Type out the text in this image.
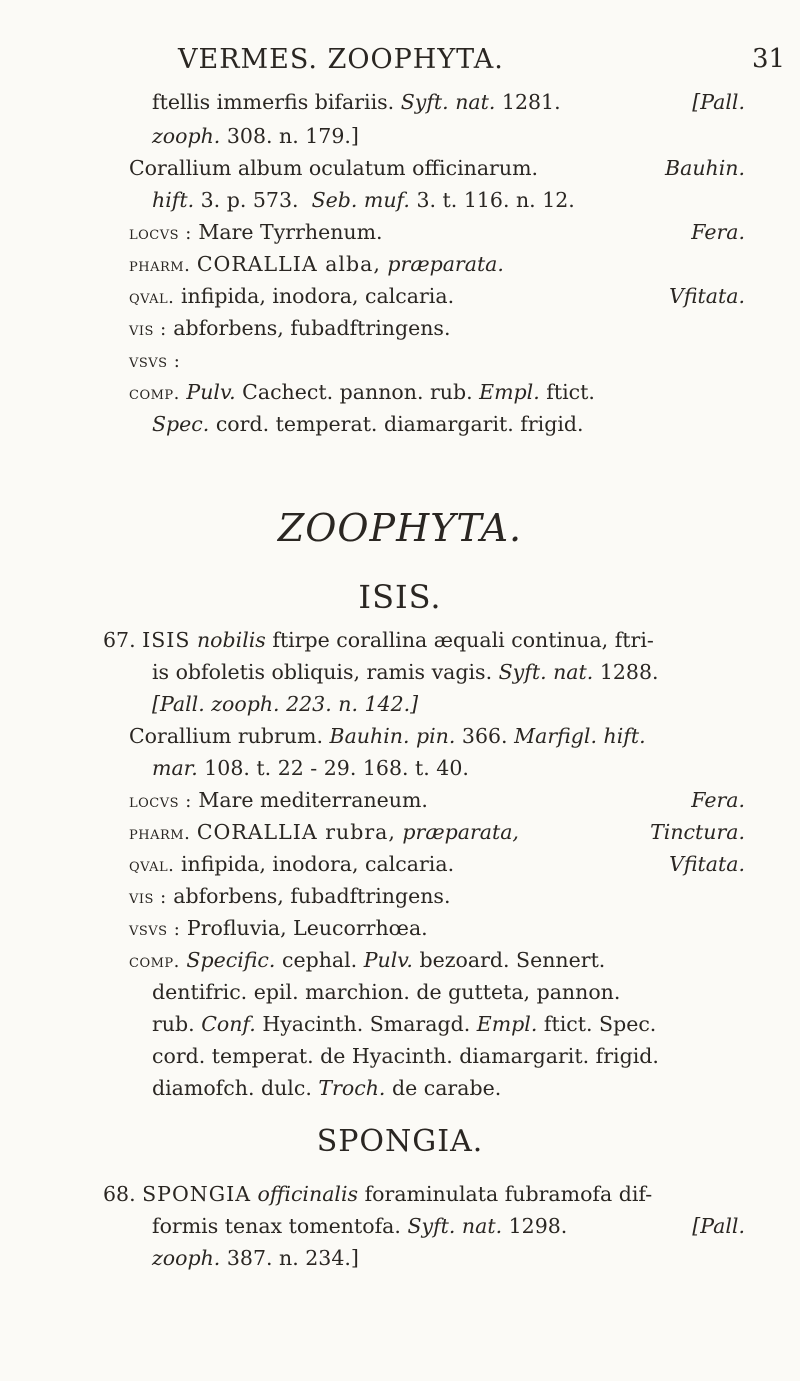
VERMES. ZOOPHYTA.	31
ftellis immerfis bifariis. Syft. nat. 1281.	[Pall.
zooph. 308. n. 179.]
Corallium album oculatum officinarum.	Bauhin.
hift. 3. p. 573. Seb. muf. 3. t. 116. n. 12.
locvs : Mare Tyrrhenum.	Fera.
pharm. CORALLIA alba, præparata.
qval. infipida, inodora, calcaria.	Vfitata.
vis : abforbens, fubadftringens.
vsvs :
comp. Pulv. Cachect. pannon. rub. Empl. ftict.
Spec. cord. temperat. diamargarit. frigid.
ZOOPHYTA.
ISIS.
67. ISIS nobilis ftirpe corallina æquali continua, ftri-
is obfoletis obliquis, ramis vagis. Syft. nat. 1288.
[Pall. zooph. 223. n. 142.]
Corallium rubrum. Bauhin. pin. 366. Marfigl. hift.
mar. 108. t. 22 - 29. 168. t. 40.
locvs : Mare mediterraneum.	Fera.
pharm. CORALLIA rubra, præparata,	Tinctura.
qval. infipida, inodora, calcaria.	Vfitata.
vis : abforbens, fubadftringens.
vsvs : Profluvia, Leucorrhœa.
comp. Specific. cephal. Pulv. bezoard. Sennert.
dentifric. epil. marchion. de gutteta, pannon.
rub. Conf. Hyacinth. Smaragd. Empl. ftict. Spec.
cord. temperat. de Hyacinth. diamargarit. frigid.
diamofch. dulc. Troch. de carabe.
SPONGIA.
68. SPONGIA officinalis foraminulata fubramofa dif-
formis tenax tomentofa. Syft. nat. 1298.	[Pall.
zooph. 387. n. 234.]
